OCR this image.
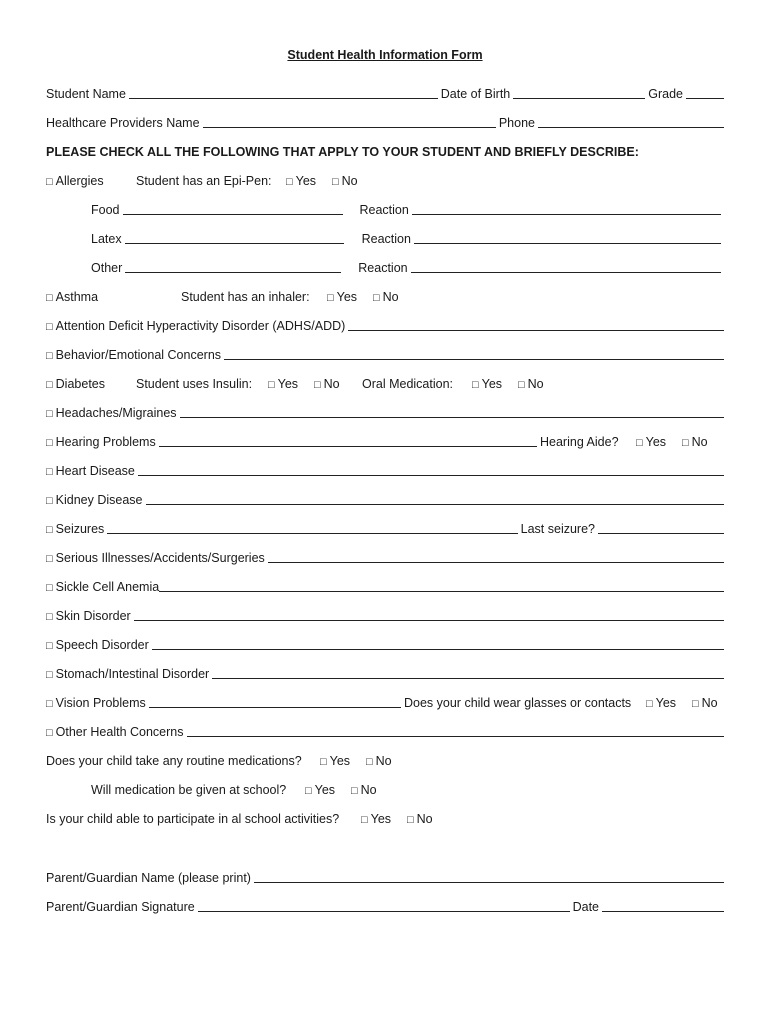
Student Health Information Form
Student Name	Date of Birth	Grade
Healthcare Providers Name	Phone
PLEASE CHECK ALL THE FOLLOWING THAT APPLY TO YOUR STUDENT AND BRIEFLY DESCRIBE:
□ Allergies	Student has an Epi-Pen:	□ Yes □ No
Food	Reaction
Latex	Reaction
Other	Reaction
□ Asthma	Student has an inhaler:	□ Yes □ No
□ Attention Deficit Hyperactivity Disorder (ADHS/ADD)
□ Behavior/Emotional Concerns
□ Diabetes Student uses Insulin:	□ Yes □ No Oral Medication:	□ Yes □ No
□ Headaches/Migraines
□ Hearing Problems	Hearing Aide?	□ Yes □ No
□ Heart Disease
□ Kidney Disease
□ Seizures	Last seizure?
□ Serious Illnesses/Accidents/Surgeries
□ Sickle Cell Anemia
□ Skin Disorder
□ Speech Disorder
□ Stomach/Intestinal Disorder
□ Vision Problems	Does your child wear glasses or contacts	□ Yes □ No
□ Other Health Concerns
Does your child take any routine medications?	□ Yes □ No
Will medication be given at school?	□ Yes □ No
Is your child able to participate in al school activities?	□ Yes □ No
Parent/Guardian Name (please print)
Parent/Guardian Signature	Date
